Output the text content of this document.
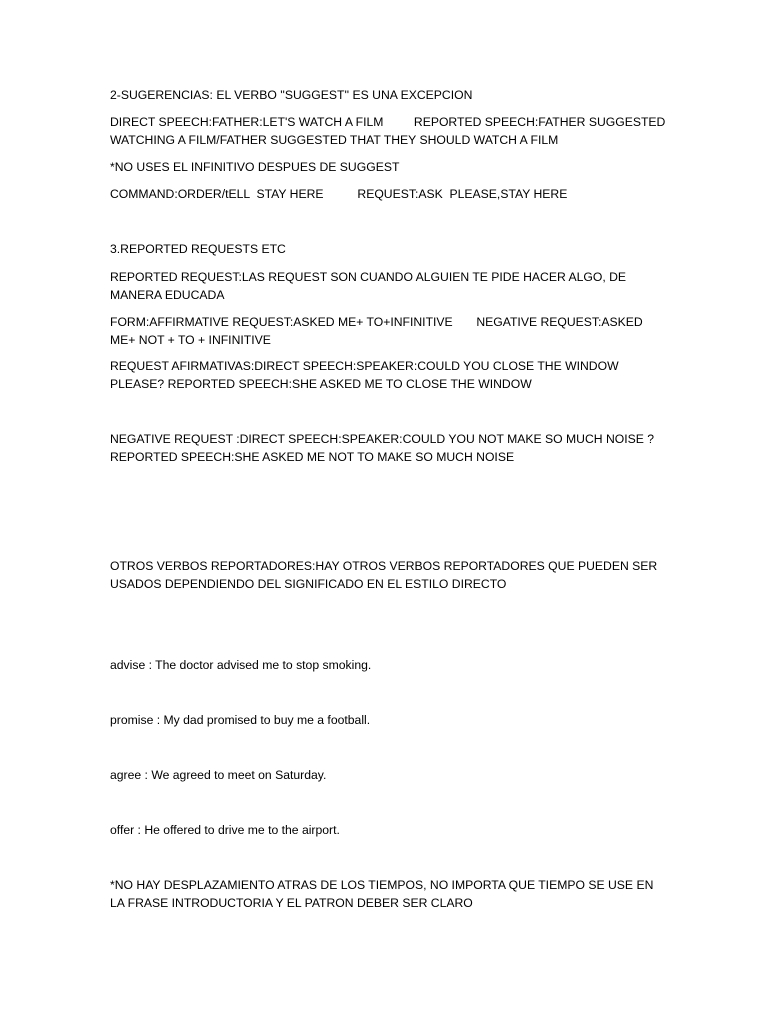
2-SUGERENCIAS: EL VERBO ''SUGGEST'' ES UNA EXCEPCION

DIRECT SPEECH:FATHER:LET'S WATCH A FILM         REPORTED SPEECH:FATHER SUGGESTED WATCHING A FILM/FATHER SUGGESTED THAT THEY SHOULD WATCH A FILM

*NO USES EL INFINITIVO DESPUES DE SUGGEST

COMMAND:ORDER/tELL  STAY HERE          REQUEST:ASK  PLEASE,STAY HERE

3.REPORTED REQUESTS ETC

REPORTED REQUEST:LAS REQUEST SON CUANDO ALGUIEN TE PIDE HACER ALGO, DE MANERA EDUCADA

FORM:AFFIRMATIVE REQUEST:ASKED ME+ TO+INFINITIVE       NEGATIVE REQUEST:ASKED ME+ NOT + TO + INFINITIVE

REQUEST AFIRMATIVAS:DIRECT SPEECH:SPEAKER:COULD YOU CLOSE THE WINDOW PLEASE? REPORTED SPEECH:SHE ASKED ME TO CLOSE THE WINDOW

NEGATIVE REQUEST :DIRECT SPEECH:SPEAKER:COULD YOU NOT MAKE SO MUCH NOISE ? REPORTED SPEECH:SHE ASKED ME NOT TO MAKE SO MUCH NOISE

OTROS VERBOS REPORTADORES:HAY OTROS VERBOS REPORTADORES QUE PUEDEN SER USADOS DEPENDIENDO DEL SIGNIFICADO EN EL ESTILO DIRECTO

advise : The doctor advised me to stop smoking.

promise : My dad promised to buy me a football.

agree : We agreed to meet on Saturday.

offer : He offered to drive me to the airport.

*NO HAY DESPLAZAMIENTO ATRAS DE LOS TIEMPOS, NO IMPORTA QUE TIEMPO SE USE EN LA FRASE INTRODUCTORIA Y EL PATRON DEBER SER CLARO
